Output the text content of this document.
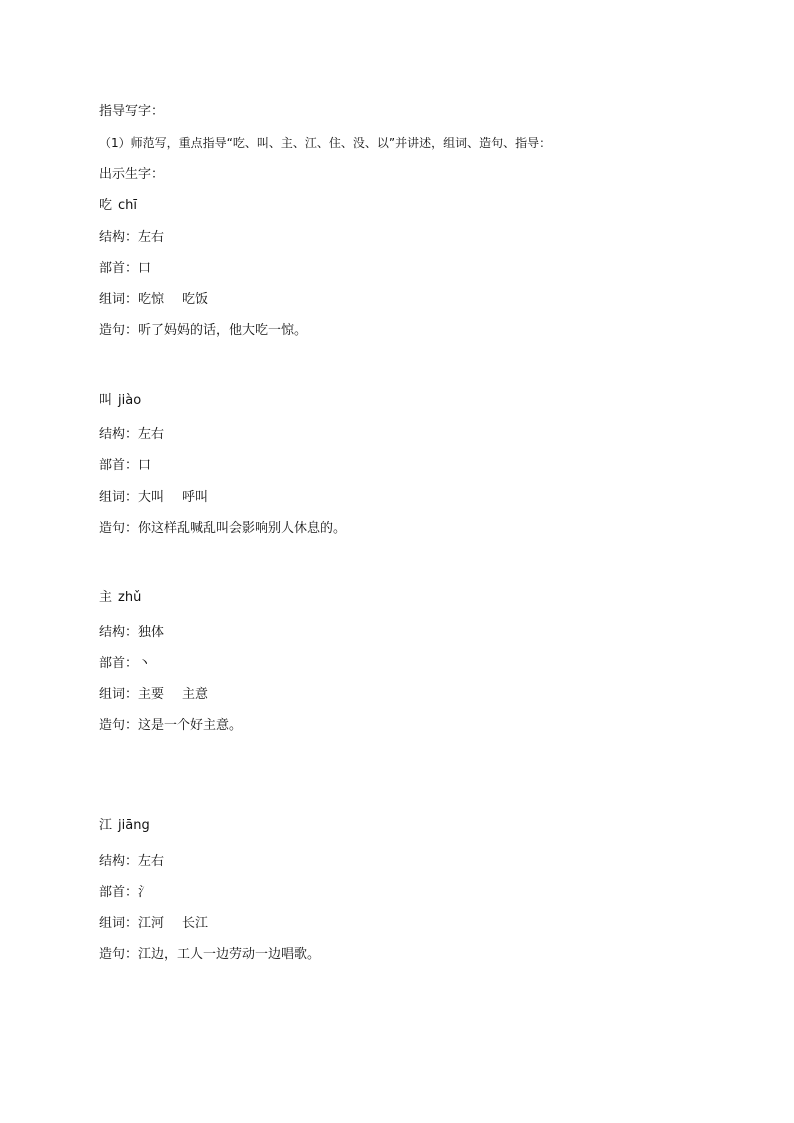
指导写字：
（1）师范写，重点指导“吃、叫、主、江、住、没、以”并讲述，组词、造句、指导：
出示生字：
吃 chī
结构：左右
部首：口
组词：吃惊 吃饭
造句：听了妈妈的话，他大吃一惊。
叫 jiào
结构：左右
部首：口
组词：大叫 呼叫
造句：你这样乱喊乱叫会影响别人休息的。
主 zhǔ
结构：独体
部首：丶
组词：主要 主意
造句：这是一个好主意。
江 jiāng
结构：左右
部首：氵
组词：江河 长江
造句：江边，工人一边劳动一边唱歌。
